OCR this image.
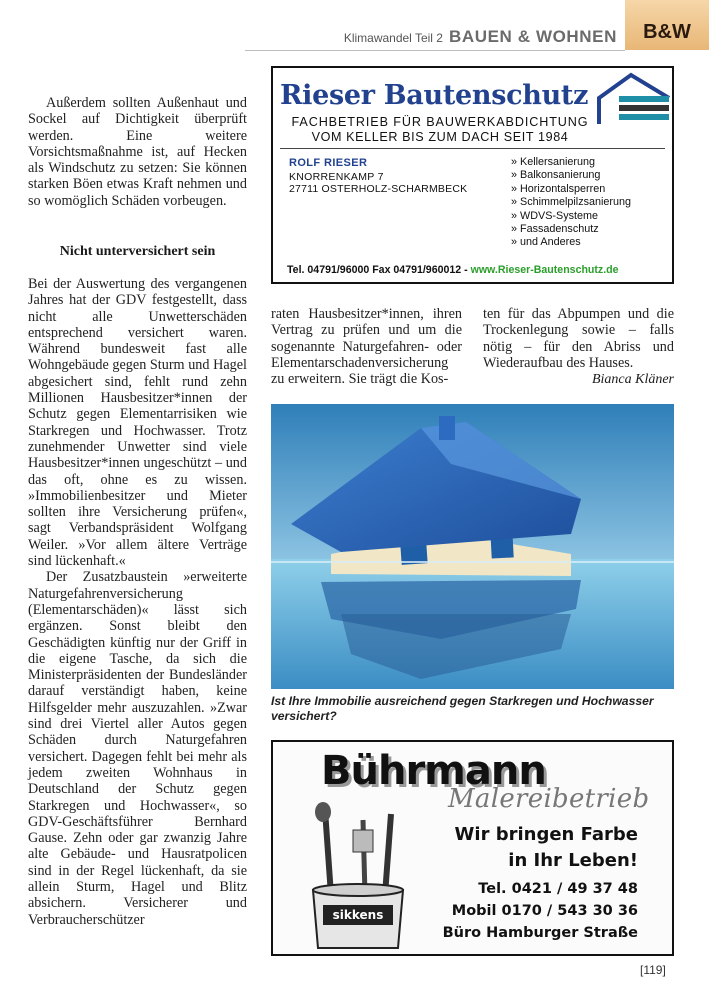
Klimawandel Teil 2 BAUEN & WOHNEN	B&W

Außerdem sollten Außenhaut und Sockel auf Dichtigkeit überprüft werden. Eine weitere Vorsichtsmaßnahme ist, auf Hecken als Windschutz zu setzen: Sie können starken Böen etwas Kraft nehmen und so womöglich Schäden vorbeugen.

Nicht unterversichert sein

Bei der Auswertung des vergangenen Jahres hat der GDV festgestellt, dass nicht alle Unwetterschäden entsprechend versichert waren. Während bundesweit fast alle Wohngebäude gegen Sturm und Hagel abgesichert sind, fehlt rund zehn Millionen Hausbesitzer*innen der Schutz gegen Elementarrisiken wie Starkregen und Hochwasser. Trotz zunehmender Unwetter sind viele Hausbesitzer*innen ungeschützt – und das oft, ohne es zu wissen. »Immobilienbesitzer und Mieter sollten ihre Versicherung prüfen«, sagt Verbandspräsident Wolfgang Weiler. »Vor allem ältere Verträge sind lückenhaft.«

Der Zusatzbaustein »erweiterte Naturgefahrenversicherung (Elementarschäden)« lässt sich ergänzen. Sonst bleibt den Geschädigten künftig nur der Griff in die eigene Tasche, da sich die Ministerpräsidenten der Bundesländer darauf verständigt haben, keine Hilfsgelder mehr auszuzahlen. »Zwar sind drei Viertel aller Autos gegen Schäden durch Naturgefahren versichert. Dagegen fehlt bei mehr als jedem zweiten Wohnhaus in Deutschland der Schutz gegen Starkregen und Hochwasser«, so GDV-Geschäftsführer Bernhard Gause. Zehn oder gar zwanzig Jahre alte Gebäude- und Hausratpolicen sind in der Regel lückenhaft, da sie allein Sturm, Hagel und Blitz absichern. Versicherer und Verbraucherschützer

Rieser Bautenschutz
FACHBETRIEB FÜR BAUWERKABDICHTUNG
VOM KELLER BIS ZUM DACH SEIT 1984
ROLF RIESER
KNORRENKAMP 7
27711 OSTERHOLZ-SCHARMBECK
» Kellersanierung
» Balkonsanierung
» Horizontalsperren
» Schimmelpilzsanierung
» WDVS-Systeme
» Fassadenschutz
» und Anderes
Tel. 04791/96000 Fax 04791/960012 - www.Rieser-Bautenschutz.de

raten Hausbesitzer*innen, ihren Vertrag zu prüfen und um die sogenannte Naturgefahren- oder Elementarschadenversicherung zu erweitern. Sie trägt die Kos-

ten für das Abpumpen und die Trockenlegung sowie – falls nötig – für den Abriss und Wiederaufbau des Hauses.

Bianca Kläner
Ist Ihre Immobilie ausreichend gegen Starkregen und Hochwasser versichert?
sikkens
Malereibetrieb
Bührmann
Wir bringen Farbe
in Ihr Leben!
Tel. 0421 / 49 37 48
Mobil 0170 / 543 30 36
Büro Hamburger Straße
[119]
